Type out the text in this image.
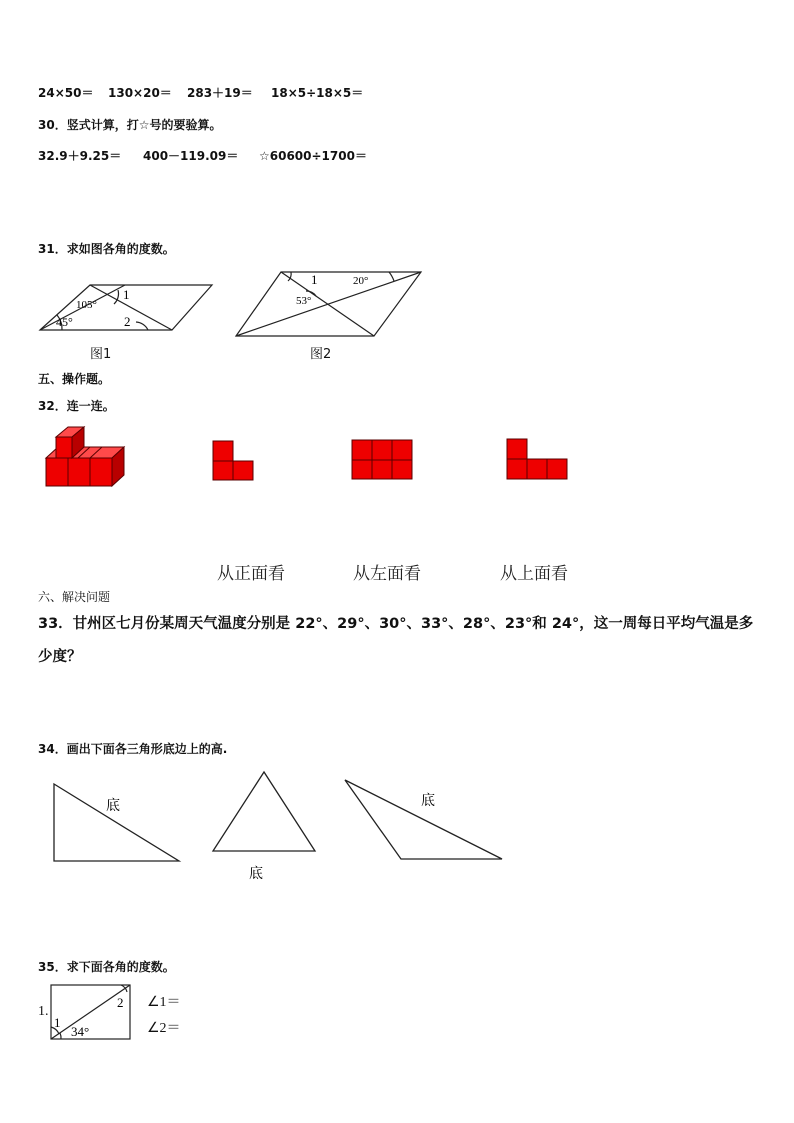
24×50＝ 130×20＝ 283＋19＝ 18×5÷18×5＝
30．竖式计算，打☆号的要验算。
32.9＋9.25＝ 400－119.09＝ ☆60600÷1700＝
31．求如图各角的度数。
105°
1
45°	2
图1
1	20°
53°
图2
五、操作题。
32．连一连。
从正面看	从左面看	从上面看
六、解决问题
33．甘州区七月份某周天气温度分别是 22°、29°、30°、33°、28°、23°和 24°，这一周每日平均气温是多
少度？
34．画出下面各三角形底边上的高.
底
底
底
35．求下面各角的度数。
1.
2
1
34°
∠1＝
∠2＝
